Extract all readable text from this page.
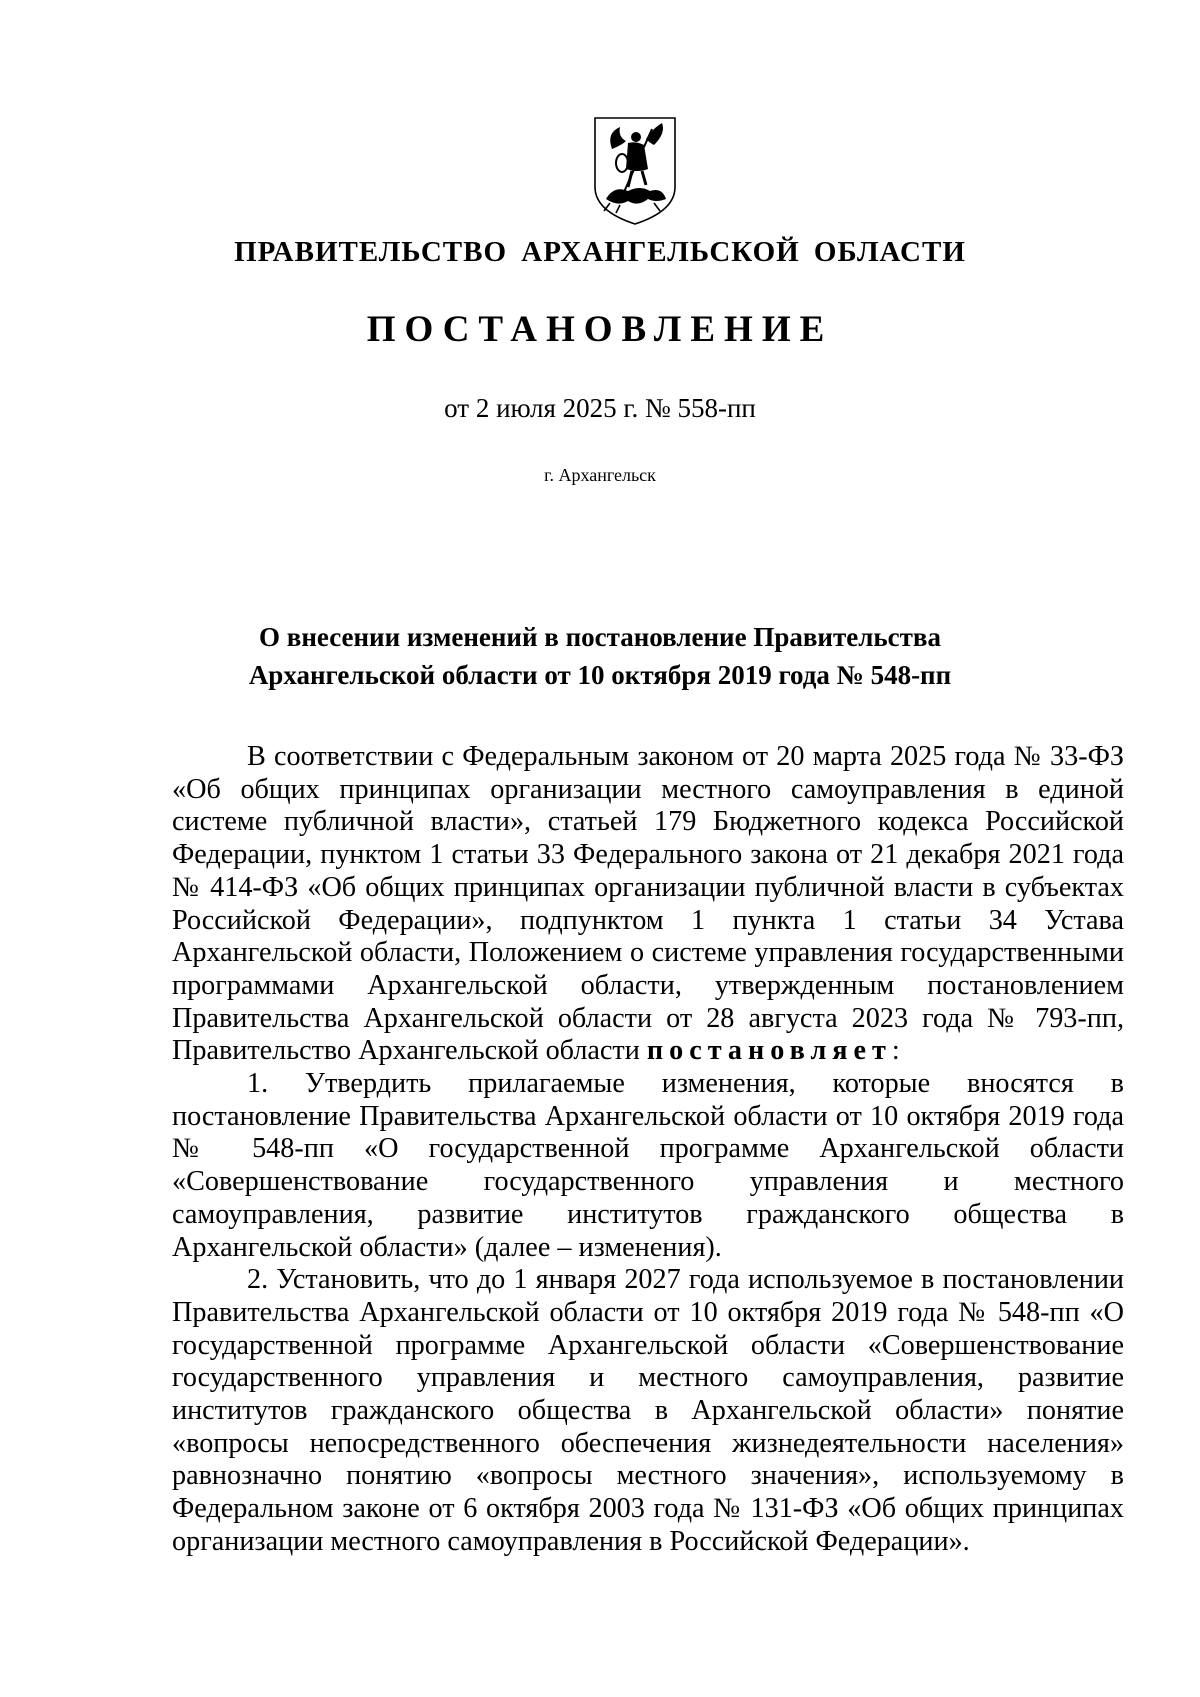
ПРАВИТЕЛЬСТВО АРХАНГЕЛЬСКОЙ ОБЛАСТИ
ПОСТАНОВЛЕНИЕ
от 2 июля 2025 г. № 558-пп
г. Архангельск
О внесении изменений в постановление Правительства
Архангельской области от 10 октября 2019 года № 548-пп

В соответствии с Федеральным законом от 20 марта 2025 года № 33-ФЗ «Об общих принципах организации местного самоуправления в единой системе публичной власти», статьей 179 Бюджетного кодекса Российской Федерации, пунктом 1 статьи 33 Федерального закона от 21 декабря 2021 года № 414-ФЗ «Об общих принципах организации публичной власти в субъектах Российской Федерации», подпунктом 1 пункта 1 статьи 34 Устава Архангельской области, Положением о системе управления государственными программами Архангельской области, утвержденным постановлением Правительства Архангельской области от 28 августа 2023 года № 793-пп, Правительство Архангельской области постановляет:

1. Утвердить прилагаемые изменения, которые вносятся в постановление Правительства Архангельской области от 10 октября 2019 года № 548-пп «О государственной программе Архангельской области «Совершенствование государственного управления и местного самоуправления, развитие институтов гражданского общества в Архангельской области» (далее – изменения).

2. Установить, что до 1 января 2027 года используемое в постановлении Правительства Архангельской области от 10 октября 2019 года № 548-пп «О государственной программе Архангельской области «Совершенствование государственного управления и местного самоуправления, развитие институтов гражданского общества в Архангельской области» понятие «вопросы непосредственного обеспечения жизнедеятельности населения» равнозначно понятию «вопросы местного значения», используемому в Федеральном законе от 6 октября 2003 года № 131-ФЗ «Об общих принципах организации местного самоуправления в Российской Федерации».
